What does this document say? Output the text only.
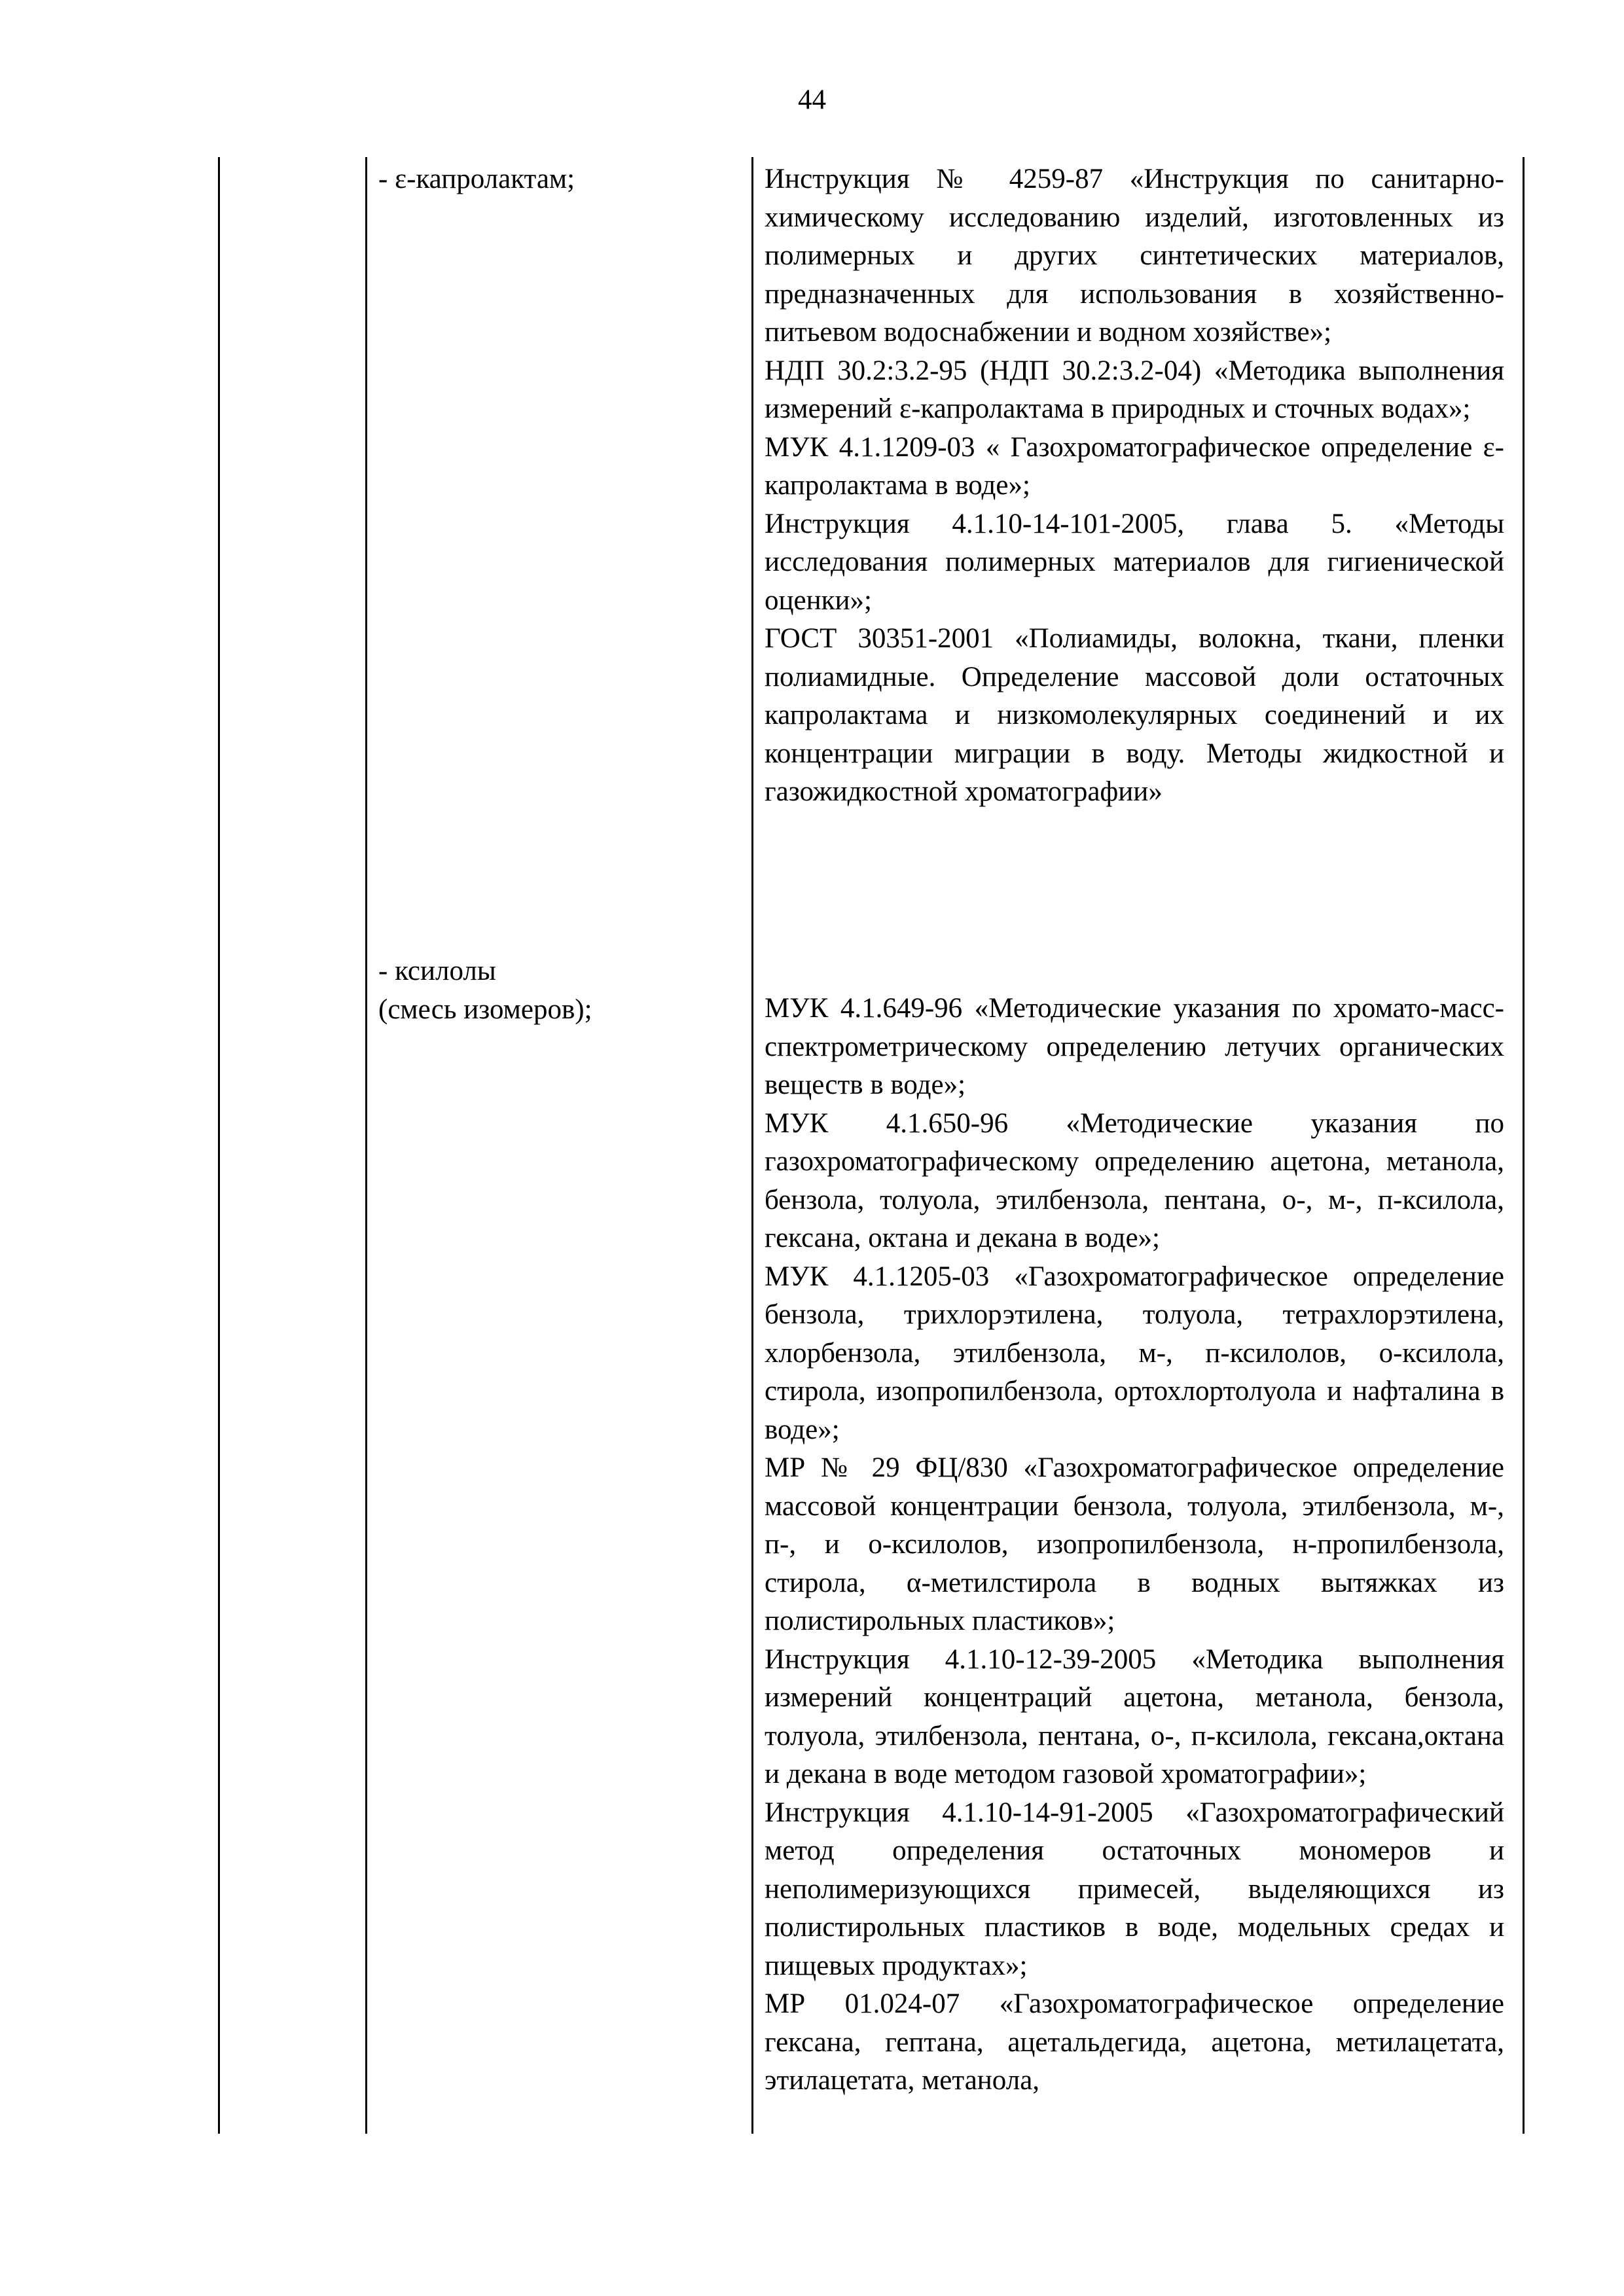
44
- ε-капролактам;	Инструкция № 4259-87 «Инструкция по санитарно-химическому исследованию изделий, изготовленных из полимерных и других синтетических материалов, предназначенных для использования в хозяйственно-питьевом водоснабжении и водном хозяйстве»;
НДП 30.2:3.2-95 (НДП 30.2:3.2-04) «Методика выполнения измерений ε-капролактама в природных и сточных водах»;
МУК 4.1.1209-03 « Газохроматографическое определение ε-капролактама в воде»;
Инструкция 4.1.10-14-101-2005, глава 5. «Методы исследования полимерных материалов для гигиенической оценки»;
ГОСТ 30351-2001 «Полиамиды, волокна, ткани, пленки полиамидные. Определение массовой доли остаточных капролактама и низкомолекулярных соединений и их концентрации миграции в воду. Методы жидкостной и газожидкостной хроматографии»
- ксилолы
(смесь изомеров);	МУК 4.1.649-96 «Методические указания по хромато-масс-спектрометрическому определению летучих органических веществ в воде»;
МУК 4.1.650-96 «Методические указания по газохроматографическому определению ацетона, метанола, бензола, толуола, этилбензола, пентана, о-, м-, п-ксилола, гексана, октана и декана в воде»;
МУК 4.1.1205-03 «Газохроматографическое определение бензола, трихлорэтилена, толуола, тетрахлорэтилена, хлорбензола, этилбензола, м-, п-ксилолов, о-ксилола, стирола, изопропилбензола, ортохлортолуола и нафталина в воде»;
МР № 29 ФЦ/830 «Газохроматографическое определение массовой концентрации бензола, толуола, этилбензола, м-, п-, и о-ксилолов, изопропилбензола, н-пропилбензола, стирола, α-метилстирола в водных вытяжках из полистирольных пластиков»;
Инструкция 4.1.10-12-39-2005 «Методика выполнения измерений концентраций ацетона, метанола, бензола, толуола, этилбензола, пентана, о-, п-ксилола, гексана,октана и декана в воде методом газовой хроматографии»;
Инструкция 4.1.10-14-91-2005 «Газохроматографический метод определения остаточных мономеров и неполимеризующихся примесей, выделяющихся из полистирольных пластиков в воде, модельных средах и пищевых продуктах»;
МР 01.024-07 «Газохроматографическое определение гексана, гептана, ацетальдегида, ацетона, метилацетата, этилацетата, метанола,
